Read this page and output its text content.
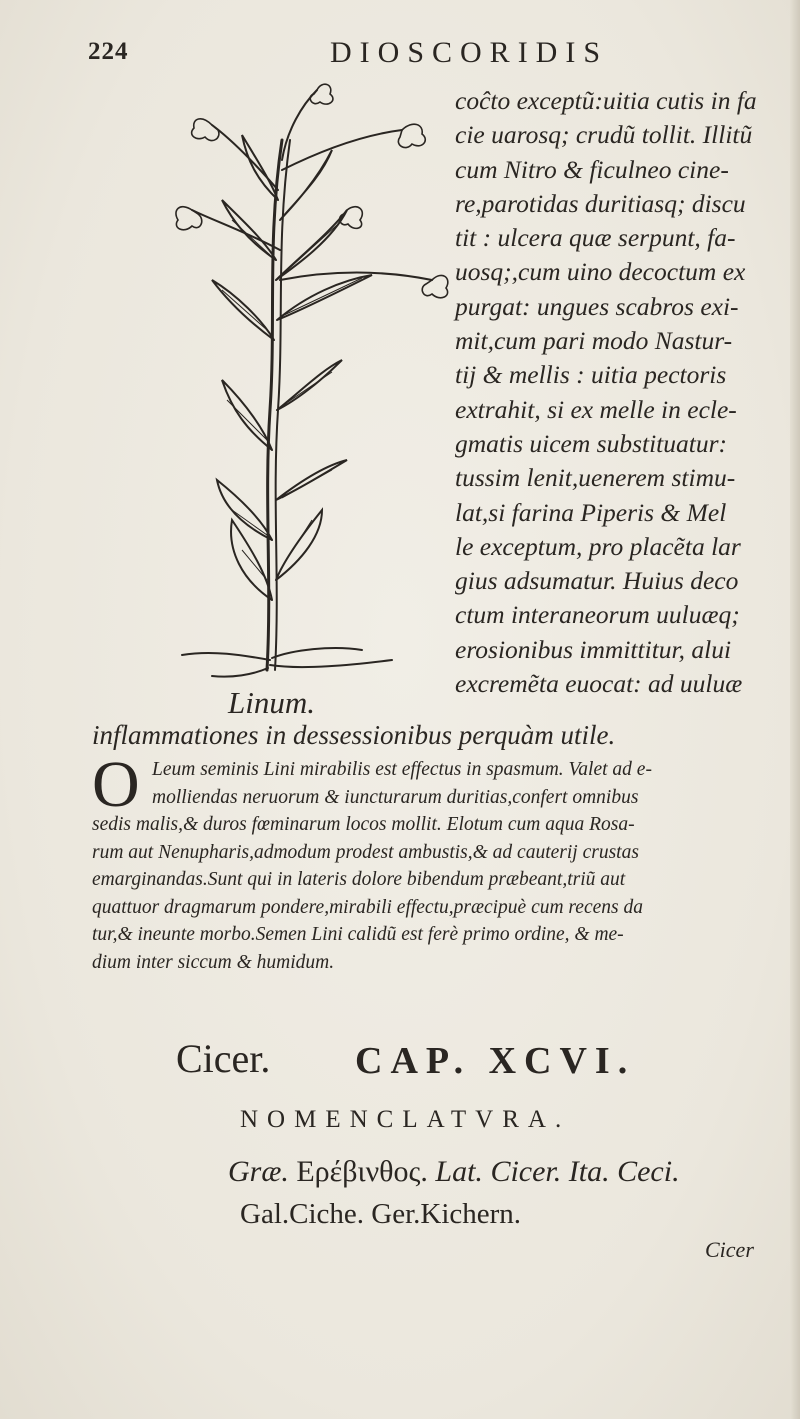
224	DIOSCORIDIS
Linum.
coĉto exceptũ:uitia cutis in fa
cie uarosq; crudũ tollit. Illitũ
cum Nitro & ficulneo cine-
re,parotidas duritiasq; discu
tit : ulcera quæ serpunt, fa-
uosq;,cum uino decoctum ex
purgat: ungues scabros exi-
mit,cum pari modo Nastur-
tij & mellis : uitia pectoris
extrahit, si ex melle in ecle-
gmatis uicem substituatur:
tussim lenit,uenerem stimu-
lat,si farina Piperis & Mel
le exceptum, pro placẽta lar
gius adsumatur. Huius deco
ctum interaneorum uuluæq;
erosionibus immittitur, alui
excremẽta euocat: ad uuluæ
inflammationes in dessessionibus perquàm utile.
O Leum seminis Lini mirabilis est effectus in spasmum. Valet ad e-
molliendas neruorum & iuncturarum duritias,confert omnibus
sedis malis,& duros fœminarum locos mollit. Elotum cum aqua Rosa-
rum aut Nenupharis,admodum prodest ambustis,& ad cauterij crustas
emarginandas.Sunt qui in lateris dolore bibendum præbeant,triũ aut
quattuor dragmarum pondere,mirabili effectu,præcipuè cum recens da
tur,& ineunte morbo.Semen Lini calidũ est ferè primo ordine, & me-
dium inter siccum & humidum.
Cicer. CAP. XCVI.
NOMENCLATVRA.
Græ. Ερέβινθος. Lat. Cicer. Ita. Ceci.
Gal.Ciche. Ger.Kichern.
Cicer
